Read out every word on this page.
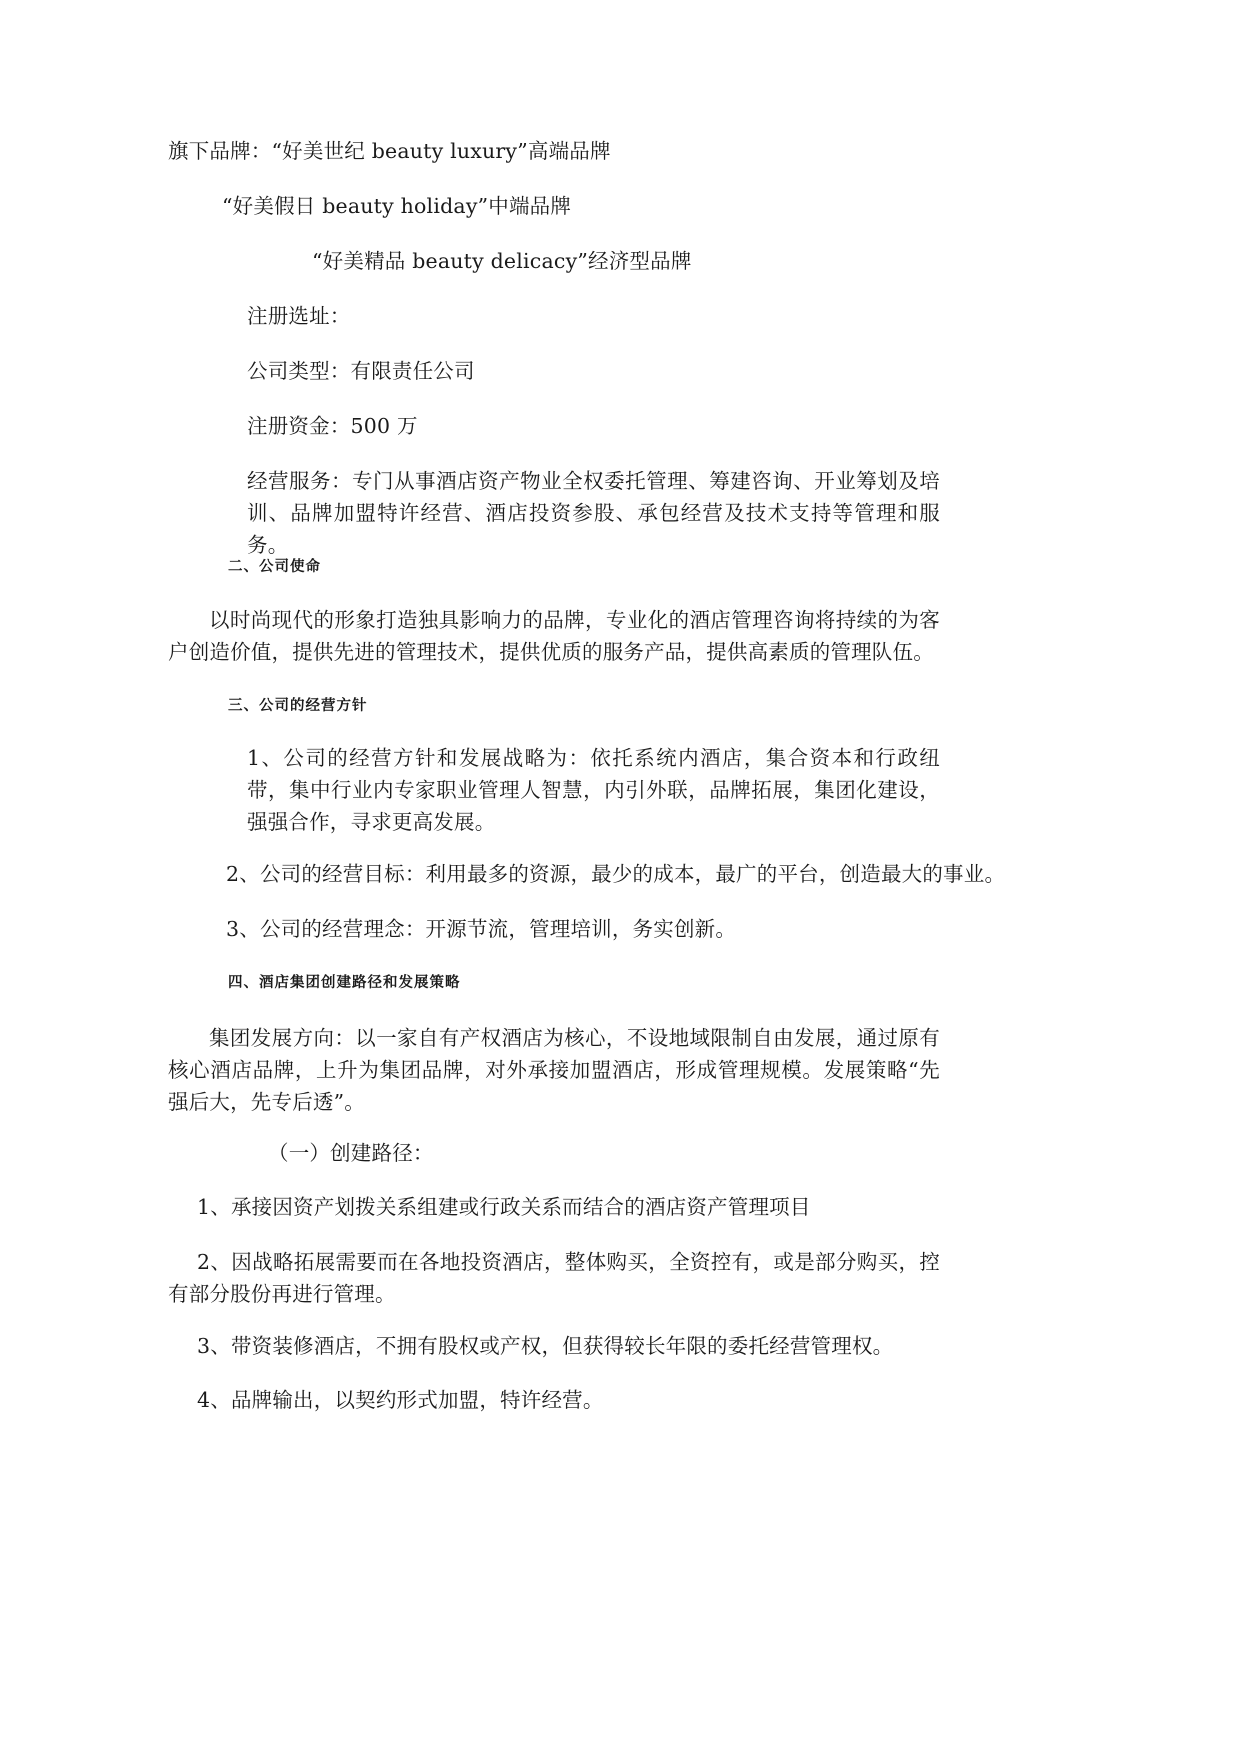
旗下品牌：“好美世纪 beauty luxury”高端品牌
“好美假日 beauty holiday”中端品牌
“好美精品 beauty delicacy”经济型品牌
注册选址：
公司类型：有限责任公司
注册资金：500 万
经营服务：专门从事酒店资产物业全权委托管理、筹建咨询、开业筹划及培训、品牌加盟特许经营、酒店投资参股、承包经营及技术支持等管理和服务。
二、公司使命
以时尚现代的形象打造独具影响力的品牌，专业化的酒店管理咨询将持续的为客户创造价值，提供先进的管理技术，提供优质的服务产品，提供高素质的管理队伍。
三、公司的经营方针
1、公司的经营方针和发展战略为：依托系统内酒店，集合资本和行政纽带，集中行业内专家职业管理人智慧，内引外联，品牌拓展，集团化建设，强强合作，寻求更高发展。
2、公司的经营目标：利用最多的资源，最少的成本，最广的平台，创造最大的事业。
3、公司的经营理念：开源节流，管理培训，务实创新。
四、酒店集团创建路径和发展策略
集团发展方向：以一家自有产权酒店为核心，不设地域限制自由发展，通过原有核心酒店品牌，上升为集团品牌，对外承接加盟酒店，形成管理规模。发展策略“先强后大，先专后透”。
（一）创建路径：
1、承接因资产划拨关系组建或行政关系而结合的酒店资产管理项目
2、因战略拓展需要而在各地投资酒店，整体购买，全资控有，或是部分购买，控有部分股份再进行管理。
3、带资装修酒店，不拥有股权或产权，但获得较长年限的委托经营管理权。
4、品牌输出，以契约形式加盟，特许经营。
